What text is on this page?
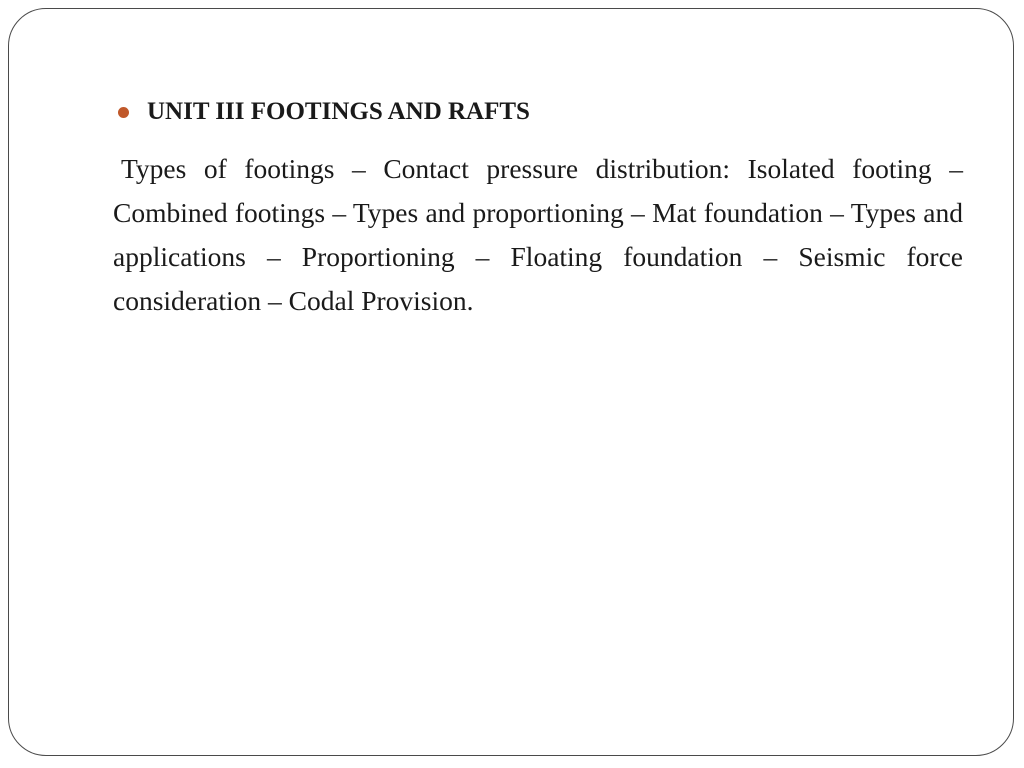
UNIT III FOOTINGS AND RAFTS

Types of footings – Contact pressure distribution: Isolated footing – Combined footings – Types and proportioning – Mat foundation – Types and applications – Proportioning – Floating foundation – Seismic force consideration – Codal Provision.
